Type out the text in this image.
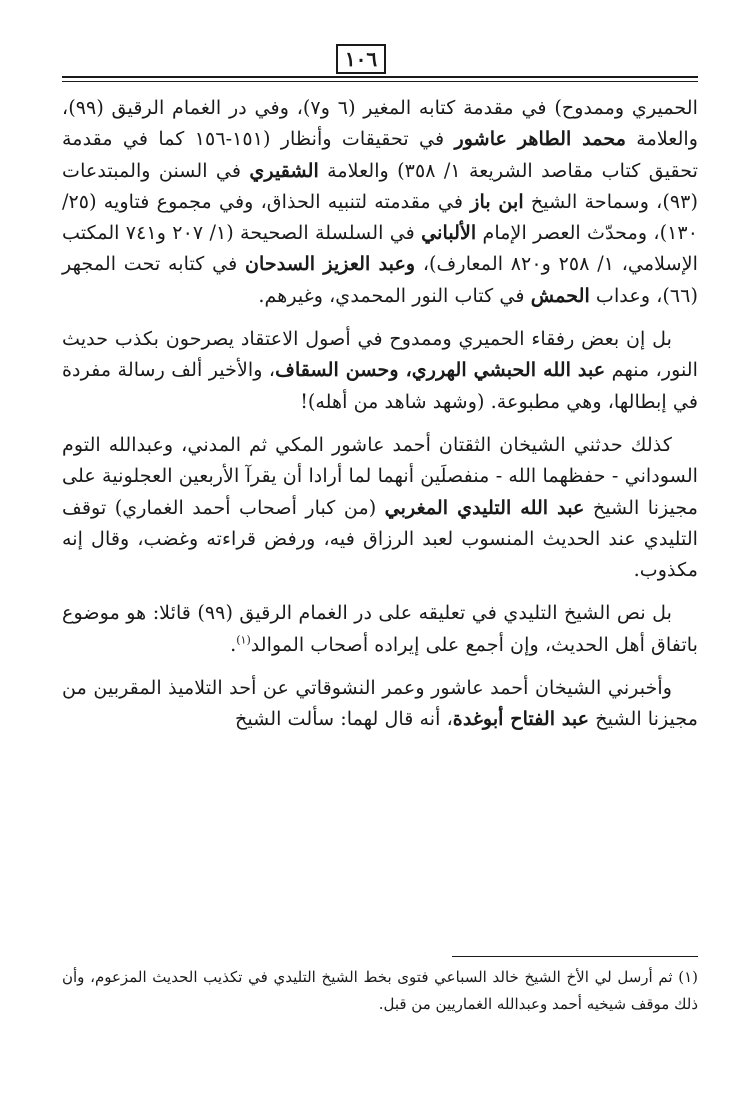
١٠٦

الحميري وممدوح) في مقدمة كتابه المغير (٦ و٧)، وفي در الغمام الرقيق (٩٩)، والعلامة محمد الطاهر عاشور في تحقيقات وأنظار (١٥١-١٥٦ كما في مقدمة تحقيق كتاب مقاصد الشريعة ١/ ٣٥٨) والعلامة الشقيري في السنن والمبتدعات (٩٣)، وسماحة الشيخ ابن باز في مقدمته لتنبيه الحذاق، وفي مجموع فتاويه (٢٥/ ١٣٠)، ومحدّث العصر الإمام الألباني في السلسلة الصحيحة (١/ ٢٠٧ و٧٤١ المكتب الإسلامي، ١/ ٢٥٨ و٨٢٠ المعارف)، وعبد العزيز السدحان في كتابه تحت المجهر (٦٦)، وعداب الحمش في كتاب النور المحمدي، وغيرهم.

بل إن بعض رفقاء الحميري وممدوح في أصول الاعتقاد يصرحون بكذب حديث النور، منهم عبد الله الحبشي الهرري، وحسن السقاف، والأخير ألف رسالة مفردة في إبطالها، وهي مطبوعة. (وشهد شاهد من أهله)!

كذلك حدثني الشيخان الثقتان أحمد عاشور المكي ثم المدني، وعبدالله التوم السوداني - حفظهما الله - منفصلَين أنهما لما أرادا أن يقرآ الأربعين العجلونية على مجيزنا الشيخ عبد الله التليدي المغربي (من كبار أصحاب أحمد الغماري) توقف التليدي عند الحديث المنسوب لعبد الرزاق فيه، ورفض قراءته وغضب، وقال إنه مكذوب.

بل نص الشيخ التليدي في تعليقه على در الغمام الرقيق (٩٩) قائلا: هو موضوع باتفاق أهل الحديث، وإن أجمع على إيراده أصحاب الموالد$^{(١)}$.

وأخبرني الشيخان أحمد عاشور وعمر النشوقاتي عن أحد التلاميذ المقربين من مجيزنا الشيخ عبد الفتاح أبوغدة، أنه قال لهما: سألت الشيخ

(١) ثم أرسل لي الأخ الشيخ خالد السباعي فتوى بخط الشيخ التليدي في تكذيب الحديث المزعوم، وأن ذلك موقف شيخيه أحمد وعبدالله الغماريين من قبل.
